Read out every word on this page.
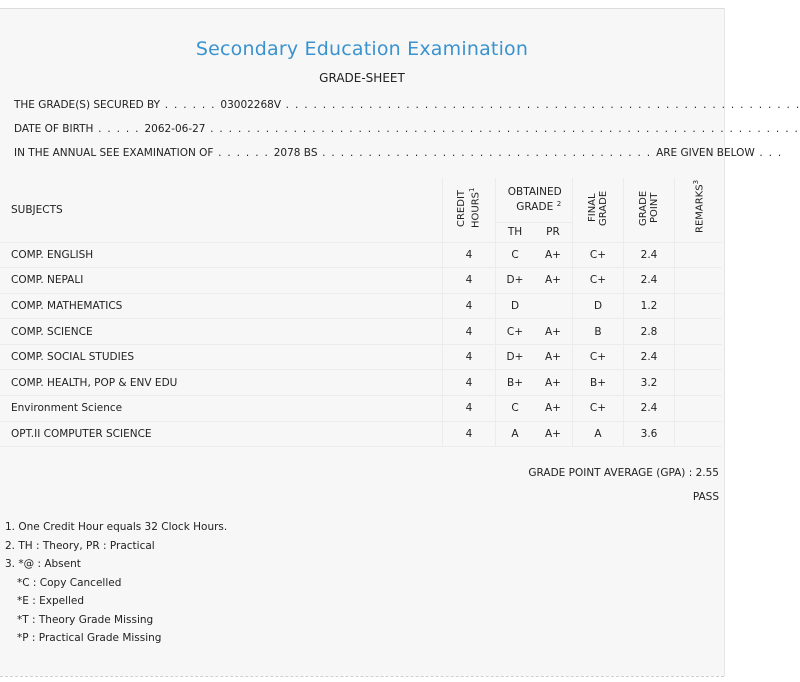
Secondary Education Examination
GRADE-SHEET
THE GRADE(S) SECURED BY . . . . . . 03002268V . . . . . . . . . . . . . . . . . . . . . . . . . . . . . . . . . . . . . . . . . . . . . . . . . . . . . . . .
DATE OF BIRTH . . . . . 2062-06-27 . . . . . . . . . . . . . . . . . . . . . . . . . . . . . . . . . . . . . . . . . . . . . . . . . . . . . . . . . . . . . . . .
IN THE ANNUAL SEE EXAMINATION OF . . . . . . 2078 BS . . . . . . . . . . . . . . . . . . . . . . . . . . . . . . . . . . . . ARE GIVEN BELOW . . .
SUBJECTS	CREDIT HOURS$^1$	OBTAINED GRADE $^2$		FINAL GRADE	GRADE POINT	REMARKS$^3$
		TH	PR			
COMP. ENGLISH	4	C	A+	C+	2.4	
COMP. NEPALI	4	D+	A+	C+	2.4	
COMP. MATHEMATICS	4	D		D	1.2	
COMP. SCIENCE	4	C+	A+	B	2.8	
COMP. SOCIAL STUDIES	4	D+	A+	C+	2.4	
COMP. HEALTH, POP & ENV EDU	4	B+	A+	B+	3.2	
Environment Science	4	C	A+	C+	2.4	
OPT.II COMPUTER SCIENCE	4	A	A+	A	3.6	
GRADE POINT AVERAGE (GPA) : 2.55
PASS
1. One Credit Hour equals 32 Clock Hours.
2. TH : Theory, PR : Practical
3. *@ : Absent
*C : Copy Cancelled
*E : Expelled
*T : Theory Grade Missing
*P : Practical Grade Missing
